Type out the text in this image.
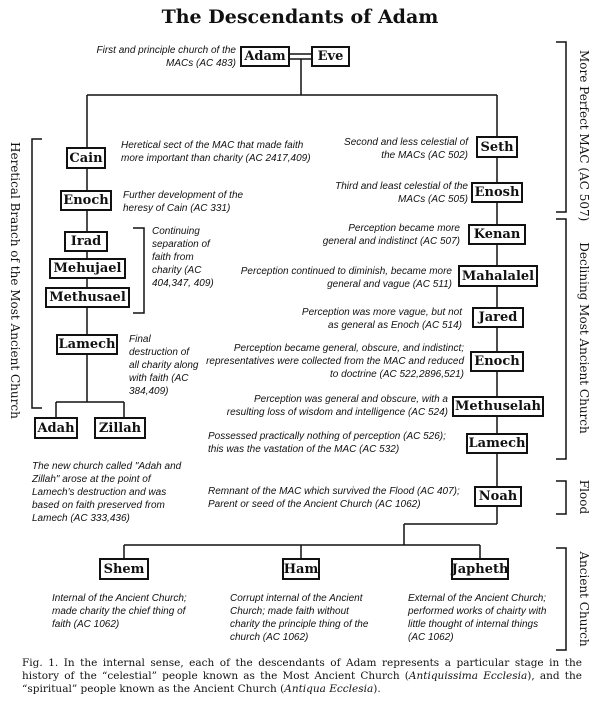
The Descendants of Adam
Adam	Eve
First and principle church of the MACs (AC 483)
Cain
Heretical sect of the MAC that made faith more important than charity (AC 2417,409)
Enoch	Further development of the heresy of Cain (AC 331)
Irad
Mehujael
Methusael
Continuing separation of faith from charity (AC 404,347, 409)
Lamech Final destruction of all charity along with faith (AC 384,409)
Adah	Zillah
The new church called "Adah and Zillah" arose at the point of Lamech's destruction and was based on faith preserved from Lamech (AC 333,436)
Seth
Second and less celestial of the MACs (AC 502)
Enosh
Third and least celestial of the MACs (AC 505)
Kenan
Perception became more general and indistinct (AC 507)
Mahalalel
Perception continued to diminish, became more general and vague (AC 511)
Jared
Perception was more vague, but not as general as Enoch (AC 514)
Enoch
Perception became general, obscure, and indistinct; representatives were collected from the MAC and reduced to doctrine (AC 522,2896,521)
Methuselah
Perception was general and obscure, with a resulting loss of wisdom and intelligence (AC 524)
Lamech
Possessed practically nothing of perception (AC 526); this was the vastation of the MAC (AC 532)
Noah
Remnant of the MAC which survived the Flood (AC 407); Parent or seed of the Ancient Church (AC 1062)
Shem
Internal of the Ancient Church; made charity the chief thing of faith (AC 1062)
Ham
Corrupt internal of the Ancient Church; made faith without charity the principle thing of the church (AC 1062)
Japheth
External of the Ancient Church; performed works of chairty with little thought of internal things (AC 1062)
Heretical Branch of the Most Ancient Church
More Perfect MAC (AC 507)
Declining Most Ancient Church
Flood
Ancient Church
Fig. 1. In the internal sense, each of the descendants of Adam represents a particular stage in the history of the “celestial” people known as the Most Ancient Church (Antiquissima Ecclesia), and the “spiritual” people known as the Ancient Church (Antiqua Ecclesia).
